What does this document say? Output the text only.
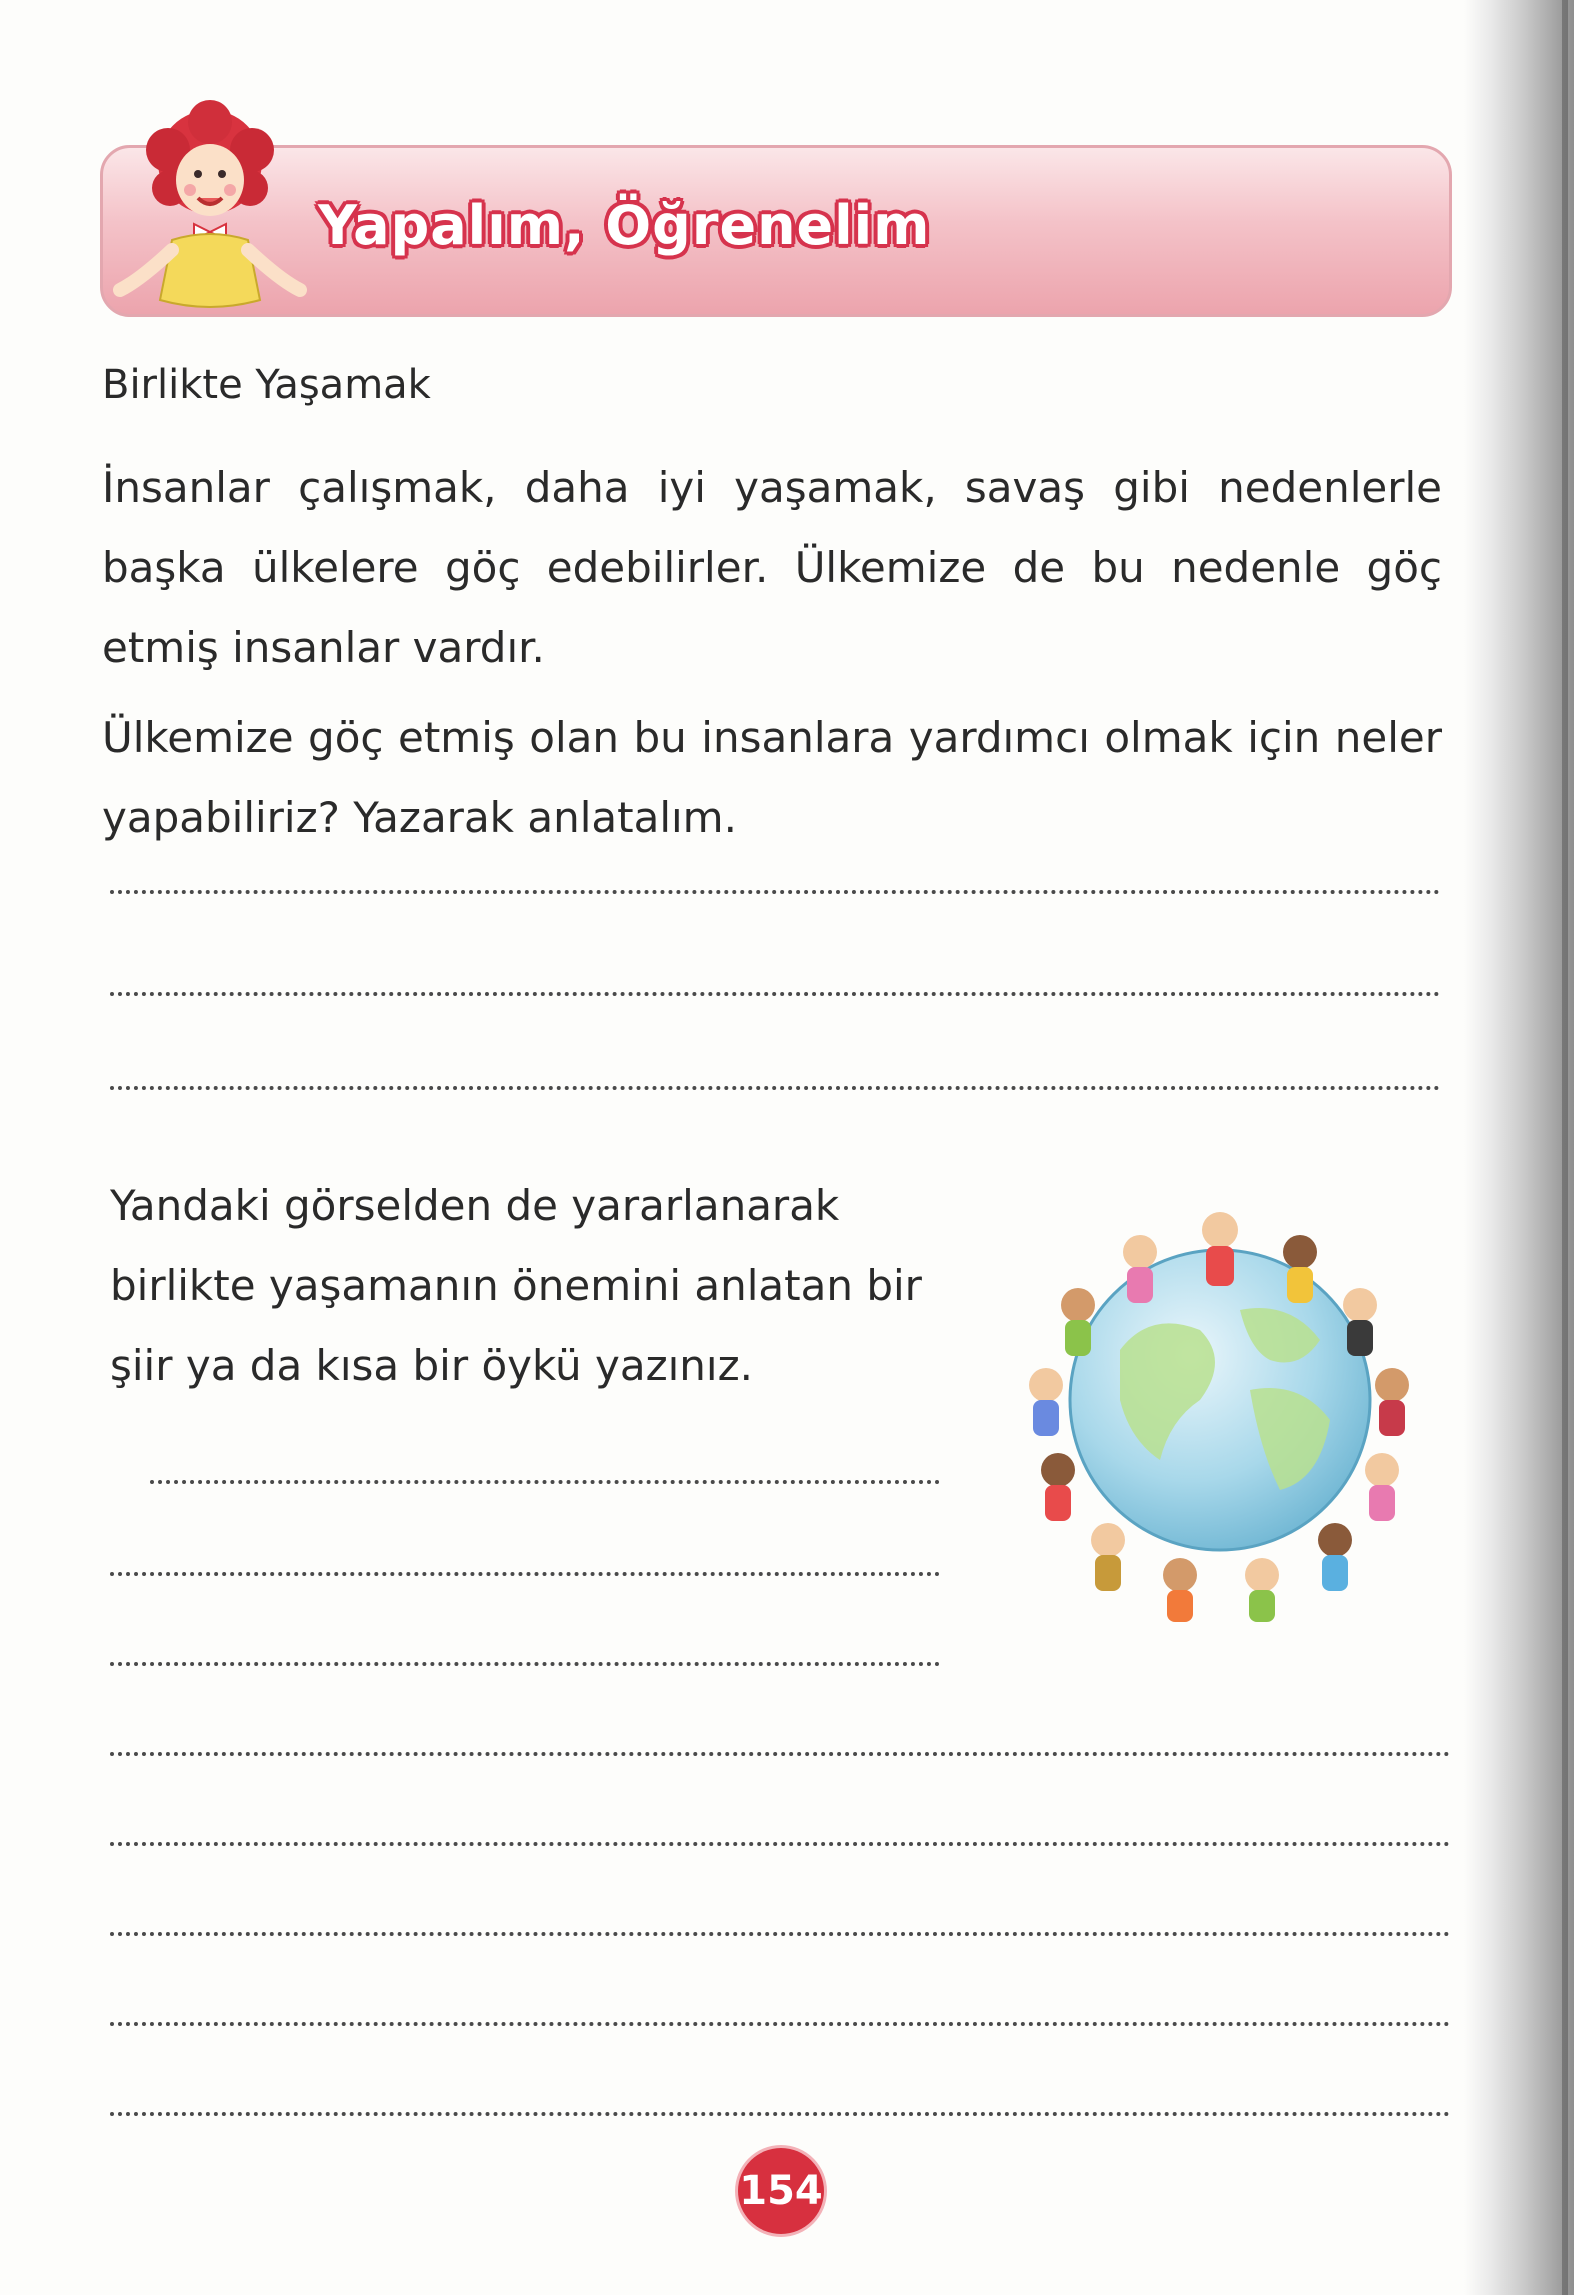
Yapalım, Öğrenelim
Birlikte Yaşamak

İnsanlar çalışmak, daha iyi yaşamak, savaş gibi nedenlerle başka ülkelere göç edebilirler. Ülkemize de bu nedenle göç etmiş insanlar vardır.

Ülkemize göç etmiş olan bu insanlara yardımcı olmak için neler yapabiliriz? Yazarak anlatalım.

Yandaki görselden de yararlanarak birlikte yaşamanın önemini anlatan bir şiir ya da kısa bir öykü yazınız.

154
